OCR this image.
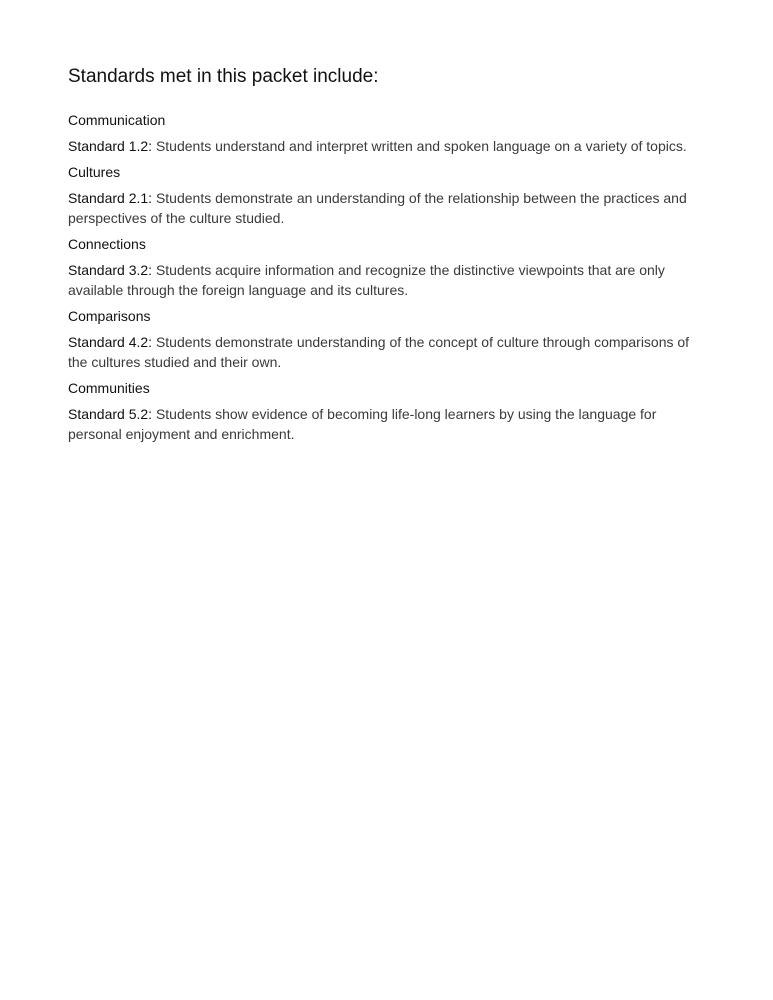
Standards met in this packet include:

Communication

Standard 1.2: Students understand and interpret written and spoken language on a variety of topics.

Cultures

Standard 2.1: Students demonstrate an understanding of the relationship between the practices and perspectives of the culture studied.

Connections

Standard 3.2: Students acquire information and recognize the distinctive viewpoints that are only available through the foreign language and its cultures.

Comparisons

Standard 4.2: Students demonstrate understanding of the concept of culture through comparisons of the cultures studied and their own.

Communities

Standard 5.2: Students show evidence of becoming life-long learners by using the language for personal enjoyment and enrichment.
